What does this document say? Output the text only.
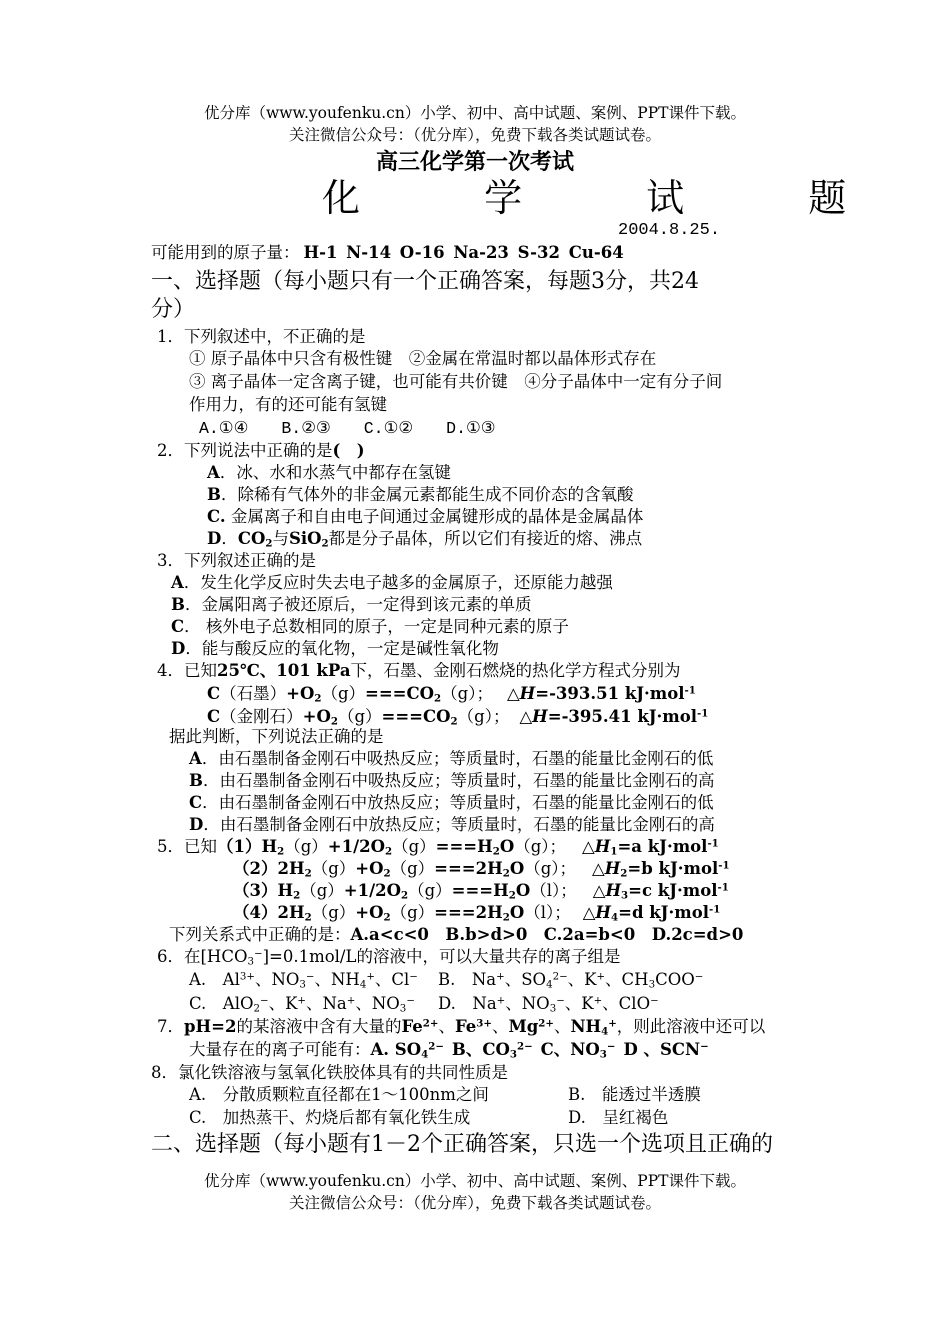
优分库（www.youfenku.cn）小学、初中、高中试题、案例、PPT课件下载。
关注微信公众号：（优分库），免费下载各类试题试卷。
高三化学第一次考试
化 学 试 题
2004.8.25.
可能用到的原子量： H-1 N-14 O-16 Na-23 S-32 Cu-64
一、选择题（每小题只有一个正确答案，每题3分，共24
分）
1．下列叙述中，不正确的是
① 原子晶体中只含有极性键　②金属在常温时都以晶体形式存在
③ 离子晶体一定含离子键，也可能有共价键　④分子晶体中一定有分子间
作用力，有的还可能有氢键
A.①④　　B.②③　　C.①②　　D.①③
2．下列说法中正确的是(　)
A．冰、水和水蒸气中都存在氢键
B．除稀有气体外的非金属元素都能生成不同价态的含氧酸
C. 金属离子和自由电子间通过金属键形成的晶体是金属晶体
D．$CO_2$与SiO$_2$都是分子晶体，所以它们有接近的熔、沸点
3．下列叙述正确的是
A．发生化学反应时失去电子越多的金属原子，还原能力越强
B．金属阳离子被还原后，一定得到该元素的单质
C． 核外电子总数相同的原子，一定是同种元素的原子
D．能与酸反应的氧化物，一定是碱性氧化物
4．已知25℃、101 kPa下，石墨、金刚石燃烧的热化学方程式分别为
C（石墨）$+O_2(g)===CO_2(g)$； △H=-393.51 kJ·mol$^{-1}$
C（金刚石）$+O_2(g)===CO_2(g)$； △H=-395.41 kJ·mol$^{-1}$
据此判断，下列说法正确的是
A．由石墨制备金刚石中吸热反应；等质量时，石墨的能量比金刚石的低
B．由石墨制备金刚石中吸热反应；等质量时，石墨的能量比金刚石的高
C．由石墨制备金刚石中放热反应；等质量时，石墨的能量比金刚石的低
D．由石墨制备金刚石中放热反应；等质量时，石墨的能量比金刚石的高
5．已知$(1)H_2(g)+1/2O_2(g)===H_2O(g)$； $\triangle H_1=a$ kJ·mol$^{-1}$
$(2)2H_2(g)+O_2(g)===2H_2O(g)$； $\triangle H_2=b$ kJ·mol$^{-1}$
$(3)H_2(g)+1/2O_2(g)===H_2O(l)$； $\triangle H_3=c$ kJ·mol$^{-1}$
$(4)2H_2(g)+O_2(g)===2H_2O(l)$； $\triangle H_4=d$ kJ·mol$^{-1}$
下列关系式中正确的是：A.a<c<0　B.b>d>0　C.2a=b<0　D.2c=d>0
6．在$[HCO_3^-]=0.1mol/L$的溶液中，可以大量共存的离子组是
A.　$Al^{3+}$、$NO_3^-$、$NH_4^+$、Cl− B.　Na+、$SO_4^{2-}$、K+、$CH_3COO^-$
C.　AlO$_2$−、K+、Na+、$NO_3^-$ D.　Na+、$NO_3^-$、K+、ClO−
7．pH=2的某溶液中含有大量的$Fe^{2+}$、$Fe^{3+}$、$Mg^{2+}$、$NH_4^+$，则此溶液中还可以
大量存在的离子可能有：A. $SO_4^{2-}$ B、$CO_3^{2-}$ C、$NO_3^-$ D 、SCN−
8．氯化铁溶液与氢氧化铁胶体具有的共同性质是
A.　分散质颗粒直径都在1～100nm之间	B.　能透过半透膜
C.　加热蒸干、灼烧后都有氧化铁生成	D.　呈红褐色
二、选择题（每小题有1－2个正确答案，只选一个选项且正确的
优分库（www.youfenku.cn）小学、初中、高中试题、案例、PPT课件下载。
关注微信公众号：（优分库），免费下载各类试题试卷。
